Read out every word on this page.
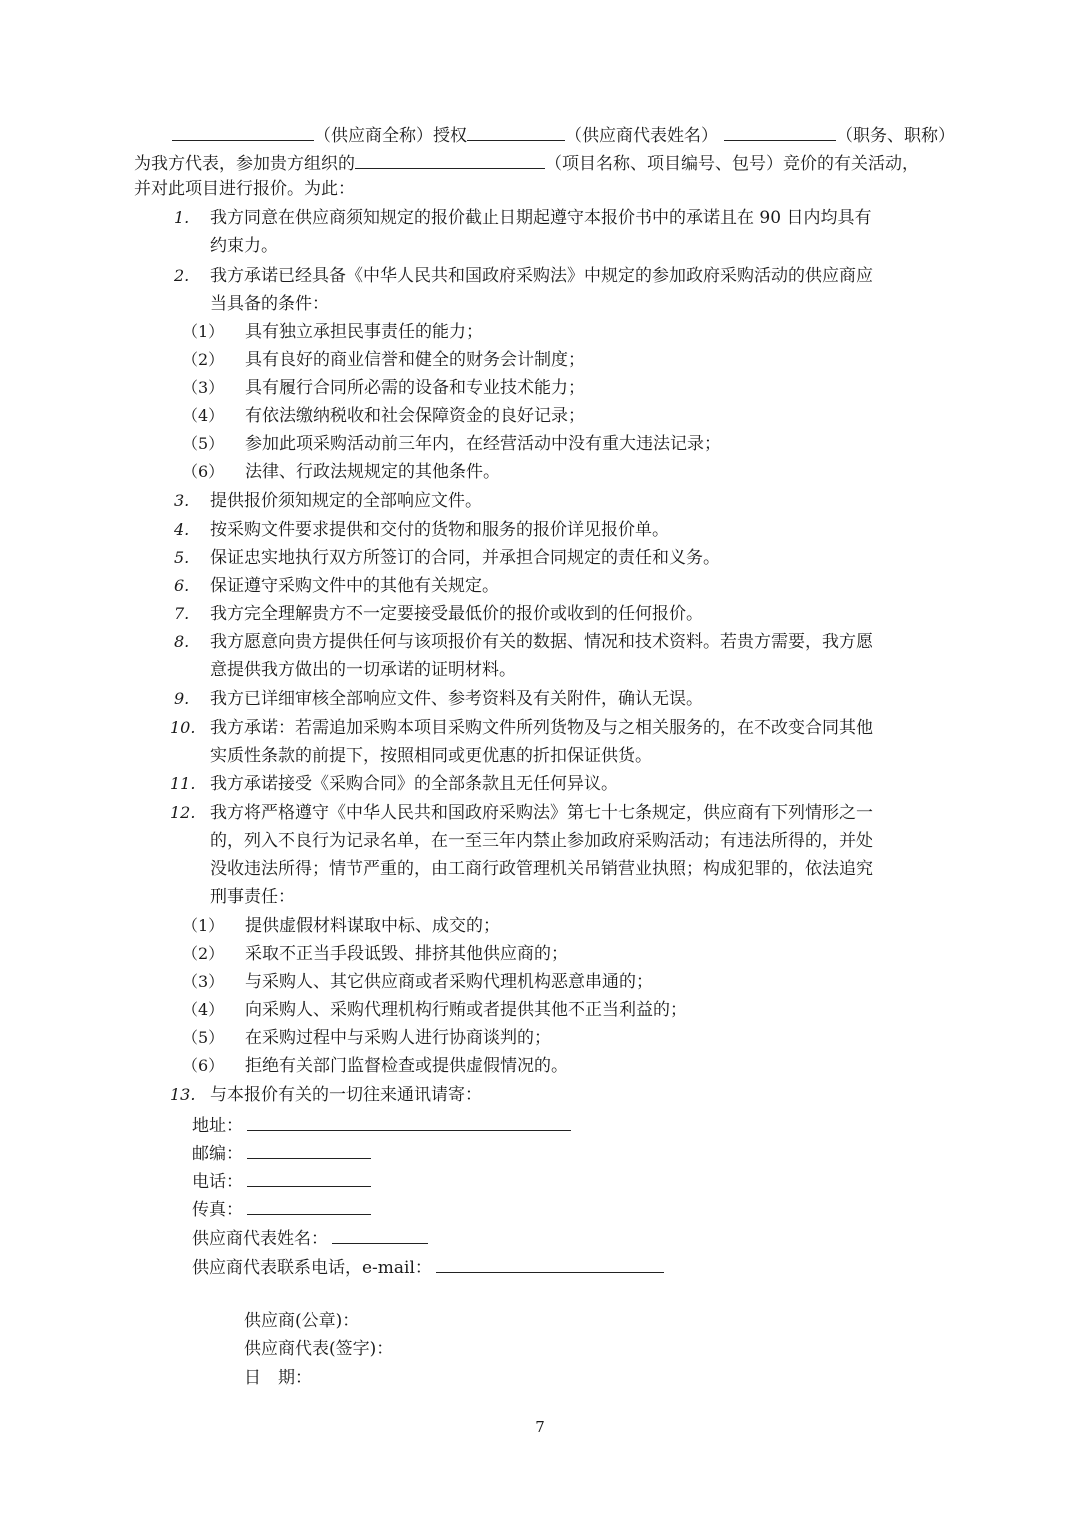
（供应商全称）授权	（供应商代表姓名）	（职务、职称）
为我方代表，参加贵方组织的	（项目名称、项目编号、包号）竞价的有关活动，
并对此项目进行报价。为此：
1. 我方同意在供应商须知规定的报价截止日期起遵守本报价书中的承诺且在 90 日内均具有
约束力。
2. 我方承诺已经具备《中华人民共和国政府采购法》中规定的参加政府采购活动的供应商应
当具备的条件：
（1） 具有独立承担民事责任的能力；
（2） 具有良好的商业信誉和健全的财务会计制度；
（3） 具有履行合同所必需的设备和专业技术能力；
（4） 有依法缴纳税收和社会保障资金的良好记录；
（5） 参加此项采购活动前三年内，在经营活动中没有重大违法记录；
（6） 法律、行政法规规定的其他条件。
3. 提供报价须知规定的全部响应文件。
4. 按采购文件要求提供和交付的货物和服务的报价详见报价单。
5. 保证忠实地执行双方所签订的合同，并承担合同规定的责任和义务。
6. 保证遵守采购文件中的其他有关规定。
7. 我方完全理解贵方不一定要接受最低价的报价或收到的任何报价。
8. 我方愿意向贵方提供任何与该项报价有关的数据、情况和技术资料。若贵方需要，我方愿
意提供我方做出的一切承诺的证明材料。
9. 我方已详细审核全部响应文件、参考资料及有关附件，确认无误。
10. 我方承诺：若需追加采购本项目采购文件所列货物及与之相关服务的，在不改变合同其他
实质性条款的前提下，按照相同或更优惠的折扣保证供货。
11. 我方承诺接受《采购合同》的全部条款且无任何异议。
12. 我方将严格遵守《中华人民共和国政府采购法》第七十七条规定，供应商有下列情形之一
的，列入不良行为记录名单，在一至三年内禁止参加政府采购活动；有违法所得的，并处
没收违法所得；情节严重的，由工商行政管理机关吊销营业执照；构成犯罪的，依法追究
刑事责任：
（1） 提供虚假材料谋取中标、成交的；
（2） 采取不正当手段诋毁、排挤其他供应商的；
（3） 与采购人、其它供应商或者采购代理机构恶意串通的；
（4） 向采购人、采购代理机构行贿或者提供其他不正当利益的；
（5） 在采购过程中与采购人进行协商谈判的；
（6） 拒绝有关部门监督检查或提供虚假情况的。
13. 与本报价有关的一切往来通讯请寄：
地址：
邮编：
电话：
传真：
供应商代表姓名：
供应商代表联系电话，e-mail：
供应商(公章)：
供应商代表(签字)：
日　期：
7
